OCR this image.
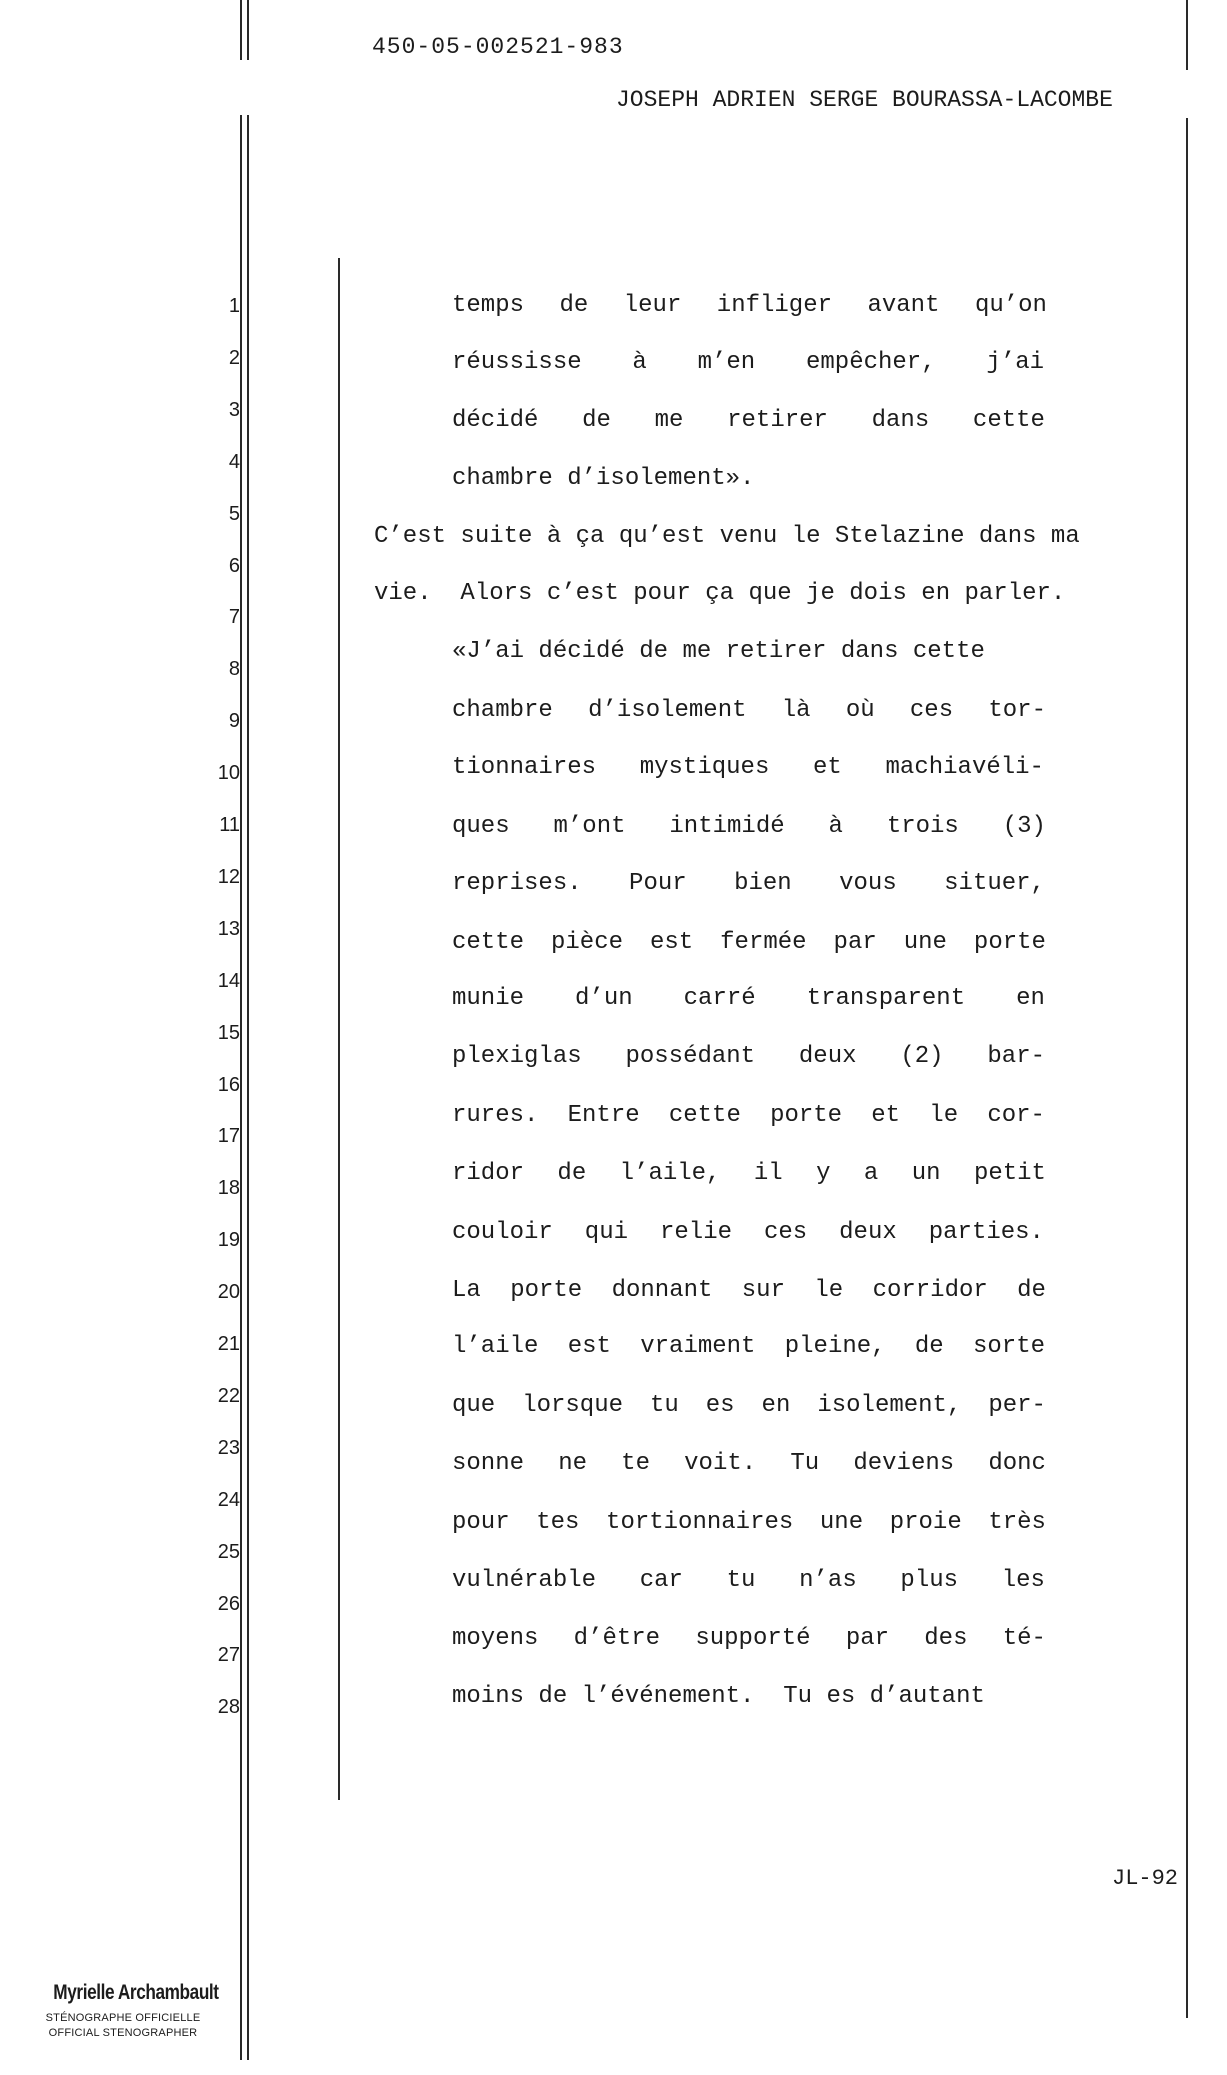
450-05-002521-983
JOSEPH ADRIEN SERGE BOURASSA-LACOMBE
1
2
3
4
5
6
7
8
9
10
11
12
13
14
15
16
17
18
19
20
21
22
23
24
25
26
27
28
temps de leur infliger avant qu’on
réussisse à m’en empêcher, j’ai
décidé de me retirer dans cette
chambre d’isolement».
C’est suite à ça qu’est venu le Stelazine dans ma
vie.  Alors c’est pour ça que je dois en parler.
«J’ai décidé de me retirer dans cette
chambre d’isolement là où ces tor-
tionnaires mystiques et machiavéli-
ques m’ont intimidé à trois (3)
reprises. Pour bien vous situer,
cette pièce est fermée par une porte
munie d’un carré transparent en
plexiglas possédant deux (2) bar-
rures. Entre cette porte et le cor-
ridor de l’aile, il y a un petit
couloir qui relie ces deux parties.
La porte donnant sur le corridor de
l’aile est vraiment pleine, de sorte
que lorsque tu es en isolement, per-
sonne ne te voit. Tu deviens donc
pour tes tortionnaires une proie très
vulnérable car tu n’as plus les
moyens d’être supporté par des té-
moins de l’événement.  Tu es d’autant
JL-92
Myrielle Archambault
STÉNOGRAPHE OFFICIELLE
OFFICIAL STENOGRAPHER
